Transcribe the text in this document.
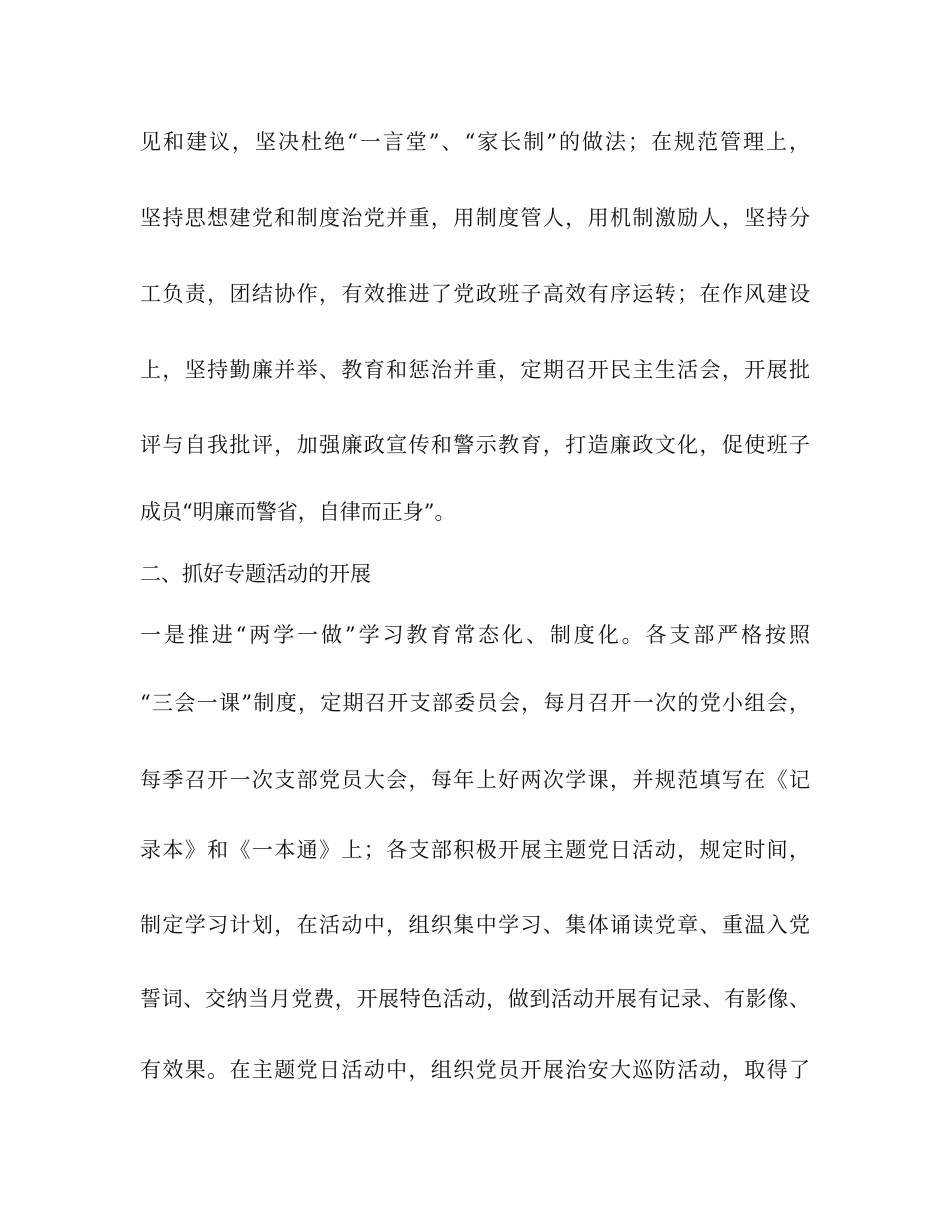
见和建议，坚决杜绝“一言堂”、“家长制”的做法；在规范管理上，
坚持思想建党和制度治党并重，用制度管人，用机制激励人，坚持分
工负责，团结协作，有效推进了党政班子高效有序运转；在作风建设
上，坚持勤廉并举、教育和惩治并重，定期召开民主生活会，开展批
评与自我批评，加强廉政宣传和警示教育，打造廉政文化，促使班子
成员“明廉而警省，自律而正身”。
二、抓好专题活动的开展
一是推进“两学一做”学习教育常态化、制度化。各支部严格按照
“三会一课”制度，定期召开支部委员会，每月召开一次的党小组会，
每季召开一次支部党员大会，每年上好两次学课，并规范填写在《记
录本》和《一本通》上；各支部积极开展主题党日活动，规定时间，
制定学习计划，在活动中，组织集中学习、集体诵读党章、重温入党
誓词、交纳当月党费，开展特色活动，做到活动开展有记录、有影像、
有效果。在主题党日活动中，组织党员开展治安大巡防活动，取得了
